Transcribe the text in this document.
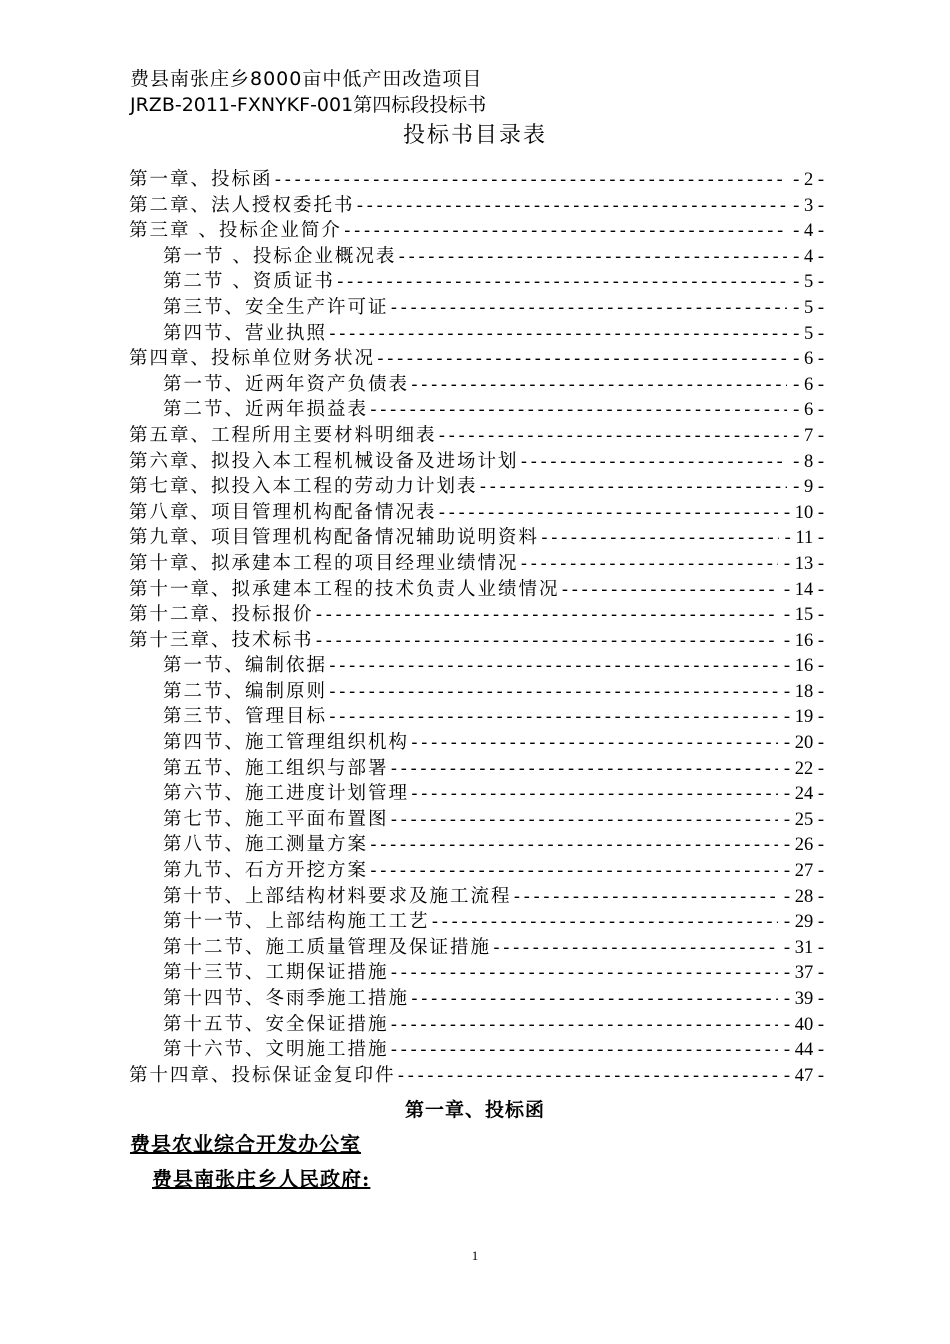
费县南张庄乡8000亩中低产田改造项目
JRZB-2011-FXNYKF-001第四标段投标书
投标书目录表
第一章、投标函 -----	- 2 -
第二章、法人授权委托书 -----	- 3 -
第三章 、投标企业简介 -----	- 4 -
第一节 、投标企业概况表 -----	- 4 -
第二节 、资质证书 -----	- 5 -
第三节、安全生产许可证 -----	- 5 -
第四节、营业执照 -----	- 5 -
第四章、投标单位财务状况 -----	- 6 -
第一节、近两年资产负债表 -----	- 6 -
第二节、近两年损益表 -----	- 6 -
第五章、工程所用主要材料明细表 -----	- 7 -
第六章、拟投入本工程机械设备及进场计划 -----	- 8 -
第七章、拟投入本工程的劳动力计划表 -----	- 9 -
第八章、项目管理机构配备情况表 -----	- 10 -
第九章、项目管理机构配备情况辅助说明资料 -----	- 11 -
第十章、拟承建本工程的项目经理业绩情况 -----	- 13 -
第十一章、拟承建本工程的技术负责人业绩情况 -----	- 14 -
第十二章、投标报价 -----	- 15 -
第十三章、技术标书 -----	- 16 -
第一节、编制依据 -----	- 16 -
第二节、编制原则 -----	- 18 -
第三节、管理目标 -----	- 19 -
第四节、施工管理组织机构 -----	- 20 -
第五节、施工组织与部署 -----	- 22 -
第六节、施工进度计划管理 -----	- 24 -
第七节、施工平面布置图 -----	- 25 -
第八节、施工测量方案 -----	- 26 -
第九节、石方开挖方案 -----	- 27 -
第十节、上部结构材料要求及施工流程 -----	- 28 -
第十一节、上部结构施工工艺 -----	- 29 -
第十二节、施工质量管理及保证措施 -----	- 31 -
第十三节、工期保证措施 -----	- 37 -
第十四节、冬雨季施工措施 -----	- 39 -
第十五节、安全保证措施 -----	- 40 -
第十六节、文明施工措施 -----	- 44 -
第十四章、投标保证金复印件 -----	- 47 -
第一章、投标函
费县农业综合开发办公室
费县南张庄乡人民政府:
1
